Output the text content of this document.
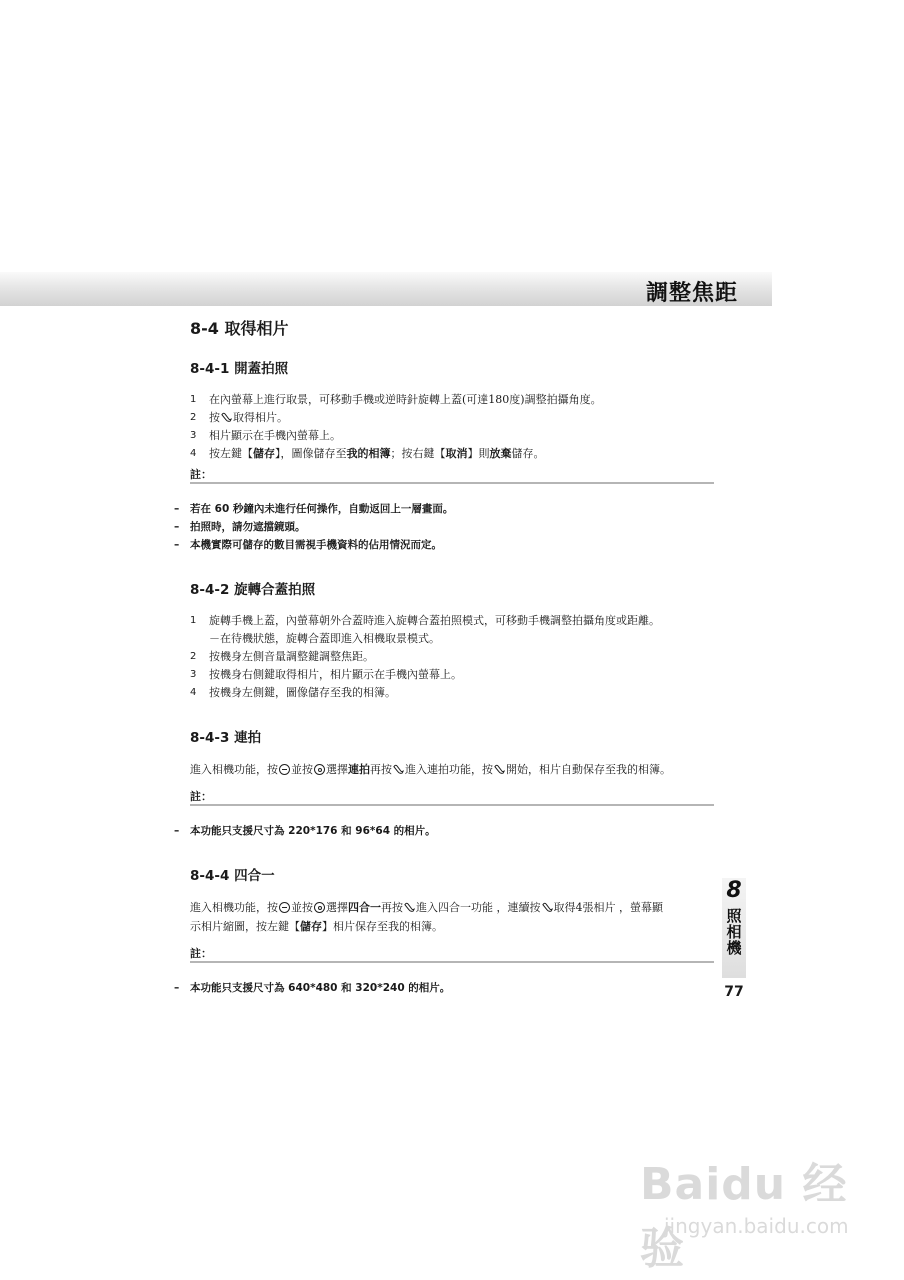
調整焦距
8-4 取得相片
8-4-1 開蓋拍照
1 在內螢幕上進行取景，可移動手機或逆時針旋轉上蓋(可達180度)調整拍攝角度。
2 按 取得相片。
3 相片顯示在手機內螢幕上。
4 按左鍵【儲存】，圖像儲存至我的相簿；按右鍵【取消】則放棄儲存。
註：
– 若在 60 秒鐘內未進行任何操作，自動返回上一層畫面。
– 拍照時，請勿遮擋鏡頭。
– 本機實際可儲存的數目需視手機資料的佔用情況而定。
8-4-2 旋轉合蓋拍照
1 旋轉手機上蓋，內螢幕朝外合蓋時進入旋轉合蓋拍照模式，可移動手機調整拍攝角度或距離。
－在待機狀態，旋轉合蓋即進入相機取景模式。
2 按機身左側音量調整鍵調整焦距。
3 按機身右側鍵取得相片，相片顯示在手機內螢幕上。
4 按機身左側鍵，圖像儲存至我的相簿。
8-4-3 連拍

進入相機功能，按 並按 選擇連拍再按 進入連拍功能，按 開始，相片自動保存至我的相簿。

註：
– 本功能只支援尺寸為 220*176 和 96*64 的相片。
8-4-4 四合一

進入相機功能，按 並按 選擇四合一再按 進入四合一功能 ，連續按 取得4張相片 ，螢幕顯
示相片縮圖，按左鍵【儲存】相片保存至我的相簿。

註：
– 本功能只支援尺寸為 640*480 和 320*240 的相片。
8
照
相
機
77
Baidu 经验
jingyan.baidu.com
